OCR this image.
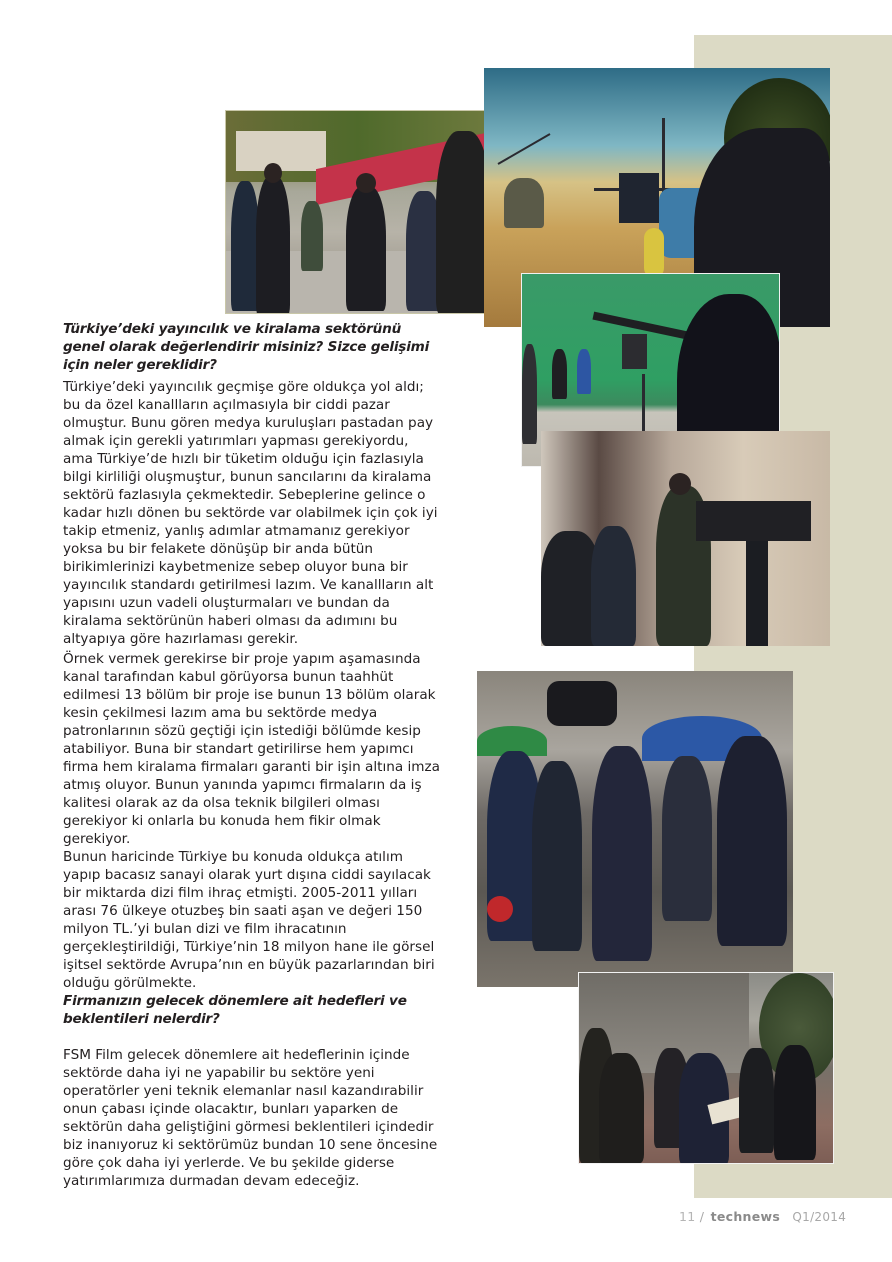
Türkiye’deki yayıncılık ve kiralama sektörünü genel olarak değerlendirir misiniz? Sizce gelişimi için neler gereklidir?

Türkiye’deki yayıncılık geçmişe göre oldukça yol aldı; bu da özel kanallların açılmasıyla bir ciddi pazar olmuştur. Bunu gören medya kuruluşları pastadan pay almak için gerekli yatırımları yapması gerekiyordu, ama Türkiye’de hızlı bir tüketim olduğu için fazlasıyla bilgi kirliliği oluşmuştur, bunun sancılarını da kiralama sektörü fazlasıyla çekmektedir. Sebeplerine gelince o kadar hızlı dönen bu sektörde var olabilmek için çok iyi takip etmeniz, yanlış adımlar atmamanız gerekiyor yoksa bu bir felakete dönüşüp bir anda bütün birikimlerinizi kaybetmenize sebep oluyor buna bir yayıncılık standardı getirilmesi lazım. Ve kanallların alt yapısını uzun vadeli oluşturmaları ve bundan da kiralama sektörünün haberi olması da adımını bu altyapıya göre hazırlaması gerekir.

Örnek vermek gerekirse bir proje yapım aşamasında kanal tarafından kabul görüyorsa bunun taahhüt edilmesi 13 bölüm bir proje ise bunun 13 bölüm olarak kesin çekilmesi lazım ama bu sektörde medya patronlarının sözü geçtiği için istediği bölümde kesip atabiliyor. Buna bir standart getirilirse hem yapımcı firma hem kiralama firmaları garanti bir işin altına imza atmış oluyor. Bunun yanında yapımcı firmaların da iş kalitesi olarak az da olsa teknik bilgileri olması gerekiyor ki onlarla bu konuda hem fikir olmak gerekiyor.

Bunun haricinde Türkiye bu konuda oldukça atılım yapıp bacasız sanayi olarak yurt dışına ciddi sayılacak bir miktarda dizi film ihraç etmişti. 2005-2011 yılları arası 76 ülkeye otuzbeş bin saati aşan ve değeri 150 milyon TL.’yi bulan dizi ve film ihracatının gerçekleştirildiği, Türkiye’nin 18 milyon hane ile görsel işitsel sektörde Avrupa’nın en büyük pazarlarından biri olduğu görülmekte.

Firmanızın gelecek dönemlere ait hedefleri ve beklentileri nelerdir?

FSM Film gelecek dönemlere ait hedeflerinin içinde sektörde daha iyi ne yapabilir bu sektöre yeni operatörler yeni teknik elemanlar nasıl kazandırabilir onun çabası içinde olacaktır, bunları yaparken de sektörün daha geliştiğini görmesi beklentileri içindedir biz inanıyoruz ki sektörümüz bundan 10 sene öncesine göre çok daha iyi yerlerde. Ve bu şekilde giderse yatırımlarımıza durmadan devam edeceğiz.

11 / technews Q1/2014
